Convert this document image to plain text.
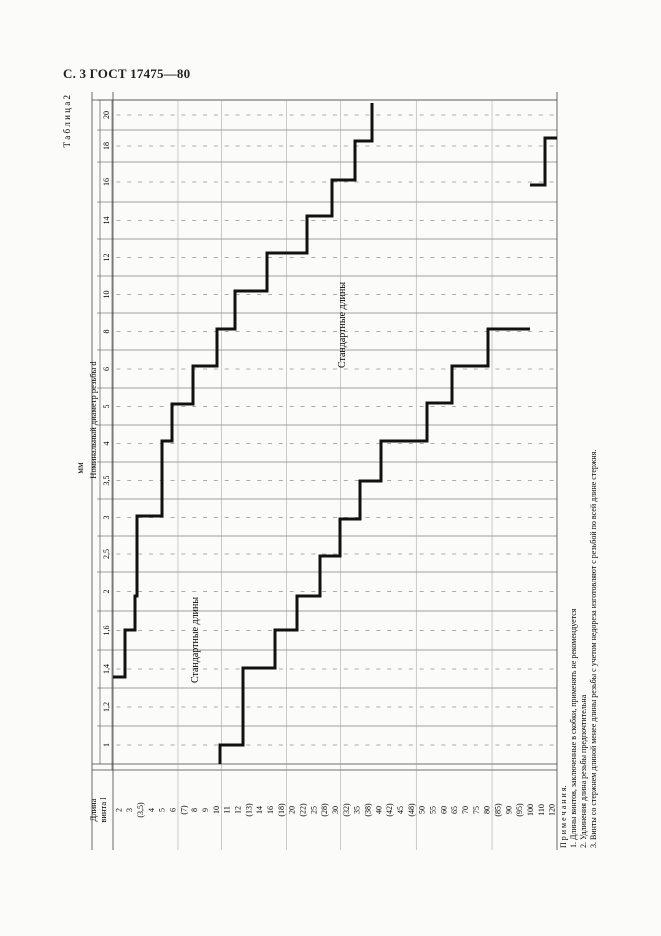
С. 3 ГОСТ 17475—80
1
1,2
1,4
1,6
2
2,5
3
3,5
4
5
6
8
10
12
14
16
18
20
2 3 (3,5) 4 5 6 (7) 8 9 10 11 12 (13) 14 16 (18) 20 (22) 25 (28) 30 (32) 35 (38) 40 (42) 45 (48) 50 55 60 65 70 75 80 (85) 90 (95) 100 110 120
Стандартные длины
Стандартные длины
мм Номинальный диаметр резьбы d
Длина винта l
Т а б л и ц а 2
П р и м е ч а н и я. 1. Длины винтов, заключенные в скобки, применять не рекомендуется 2. Удлинения длина резьбы предпочтительна 3. Винты со стержнем длиной менее длины резьбы с учетом недореза изготовляют с резьбой по всей длине стержня.
